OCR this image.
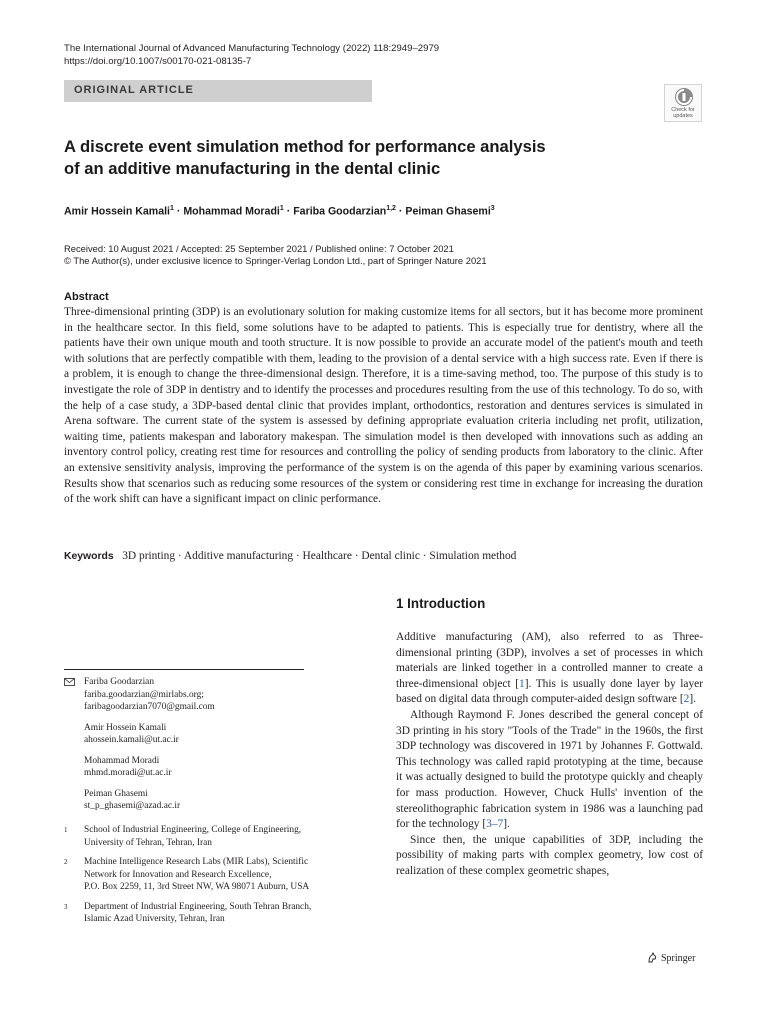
The International Journal of Advanced Manufacturing Technology (2022) 118:2949–2979
https://doi.org/10.1007/s00170-021-08135-7
ORIGINAL ARTICLE
Check for
updates
A discrete event simulation method for performance analysis
of an additive manufacturing in the dental clinic
Amir Hossein Kamali$^1$ · Mohammad Moradi$^1$ · Fariba Goodarzian$^{1,2}$ · Peiman Ghasemi$^3$
Received: 10 August 2021 / Accepted: 25 September 2021 / Published online: 7 October 2021
© The Author(s), under exclusive licence to Springer-Verlag London Ltd., part of Springer Nature 2021
Abstract
Three-dimensional printing (3DP) is an evolutionary solution for making customize items for all sectors, but it has become more prominent in the healthcare sector. In this field, some solutions have to be adapted to patients. This is especially true for dentistry, where all the patients have their own unique mouth and tooth structure. It is now possible to provide an accurate model of the patient's mouth and teeth with solutions that are perfectly compatible with them, leading to the provision of a dental service with a high success rate. Even if there is a problem, it is enough to change the three-dimensional design. Therefore, it is a time-saving method, too. The purpose of this study is to investigate the role of 3DP in dentistry and to identify the processes and procedures resulting from the use of this technology. To do so, with the help of a case study, a 3DP-based dental clinic that provides implant, orthodontics, restoration and dentures services is simulated in Arena software. The current state of the system is assessed by defining appropriate evaluation criteria including net profit, utilization, waiting time, patients makespan and laboratory makespan. The simulation model is then developed with innovations such as adding an inventory control policy, creating rest time for resources and controlling the policy of sending products from laboratory to the clinic. After an extensive sensitivity analysis, improving the performance of the system is on the agenda of this paper by examining various scenarios. Results show that scenarios such as reducing some resources of the system or considering rest time in exchange for increasing the duration of the work shift can have a significant impact on clinic performance.
Keywords 3D printing · Additive manufacturing · Healthcare · Dental clinic · Simulation method
1 Introduction

Additive manufacturing (AM), also referred to as Three-dimensional printing (3DP), involves a set of processes in which materials are linked together in a controlled manner to create a three-dimensional object [1]. This is usually done layer by layer based on digital data through computer-aided design software [2].

Although Raymond F. Jones described the general concept of 3D printing in his story "Tools of the Trade" in the 1960s, the first 3DP technology was discovered in 1971 by Johannes F. Gottwald. This technology was called rapid prototyping at the time, because it was actually designed to build the prototype quickly and cheaply for mass production. However, Chuck Hulls' invention of the stereolithographic fabrication system in 1986 was a launching pad for the technology [3–7].

Since then, the unique capabilities of 3DP, including the possibility of making parts with complex geometry, low cost of realization of these complex geometric shapes,

Fariba Goodarzian
fariba.goodarzian@mirlabs.org;
faribagoodarzian7070@gmail.com
Amir Hossein Kamali
ahossein.kamali@ut.ac.ir
Mohammad Moradi
mhmd.moradi@ut.ac.ir
Peiman Ghasemi
st_p_ghasemi@azad.ac.ir
1 School of Industrial Engineering, College of Engineering,
University of Tehran, Tehran, Iran
2 Machine Intelligence Research Labs (MIR Labs), Scientific
Network for Innovation and Research Excellence,
P.O. Box 2259, 11, 3rd Street NW, WA 98071 Auburn, USA
3 Department of Industrial Engineering, South Tehran Branch,
Islamic Azad University, Tehran, Iran
Springer
